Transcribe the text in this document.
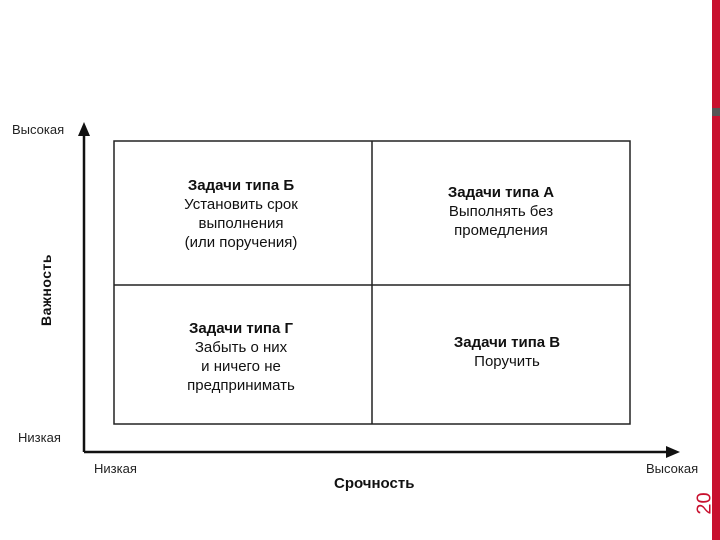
20
Высокая
Низкая
Важность
Низкая	Высокая
Срочность
Задачи типа Б
Установить срок
выполнения
(или поручения)
Задачи типа А
Выполнять без
промедления
Задачи типа Г
Забыть о них
и ничего не
предпринимать
Задачи типа В
Поручить
